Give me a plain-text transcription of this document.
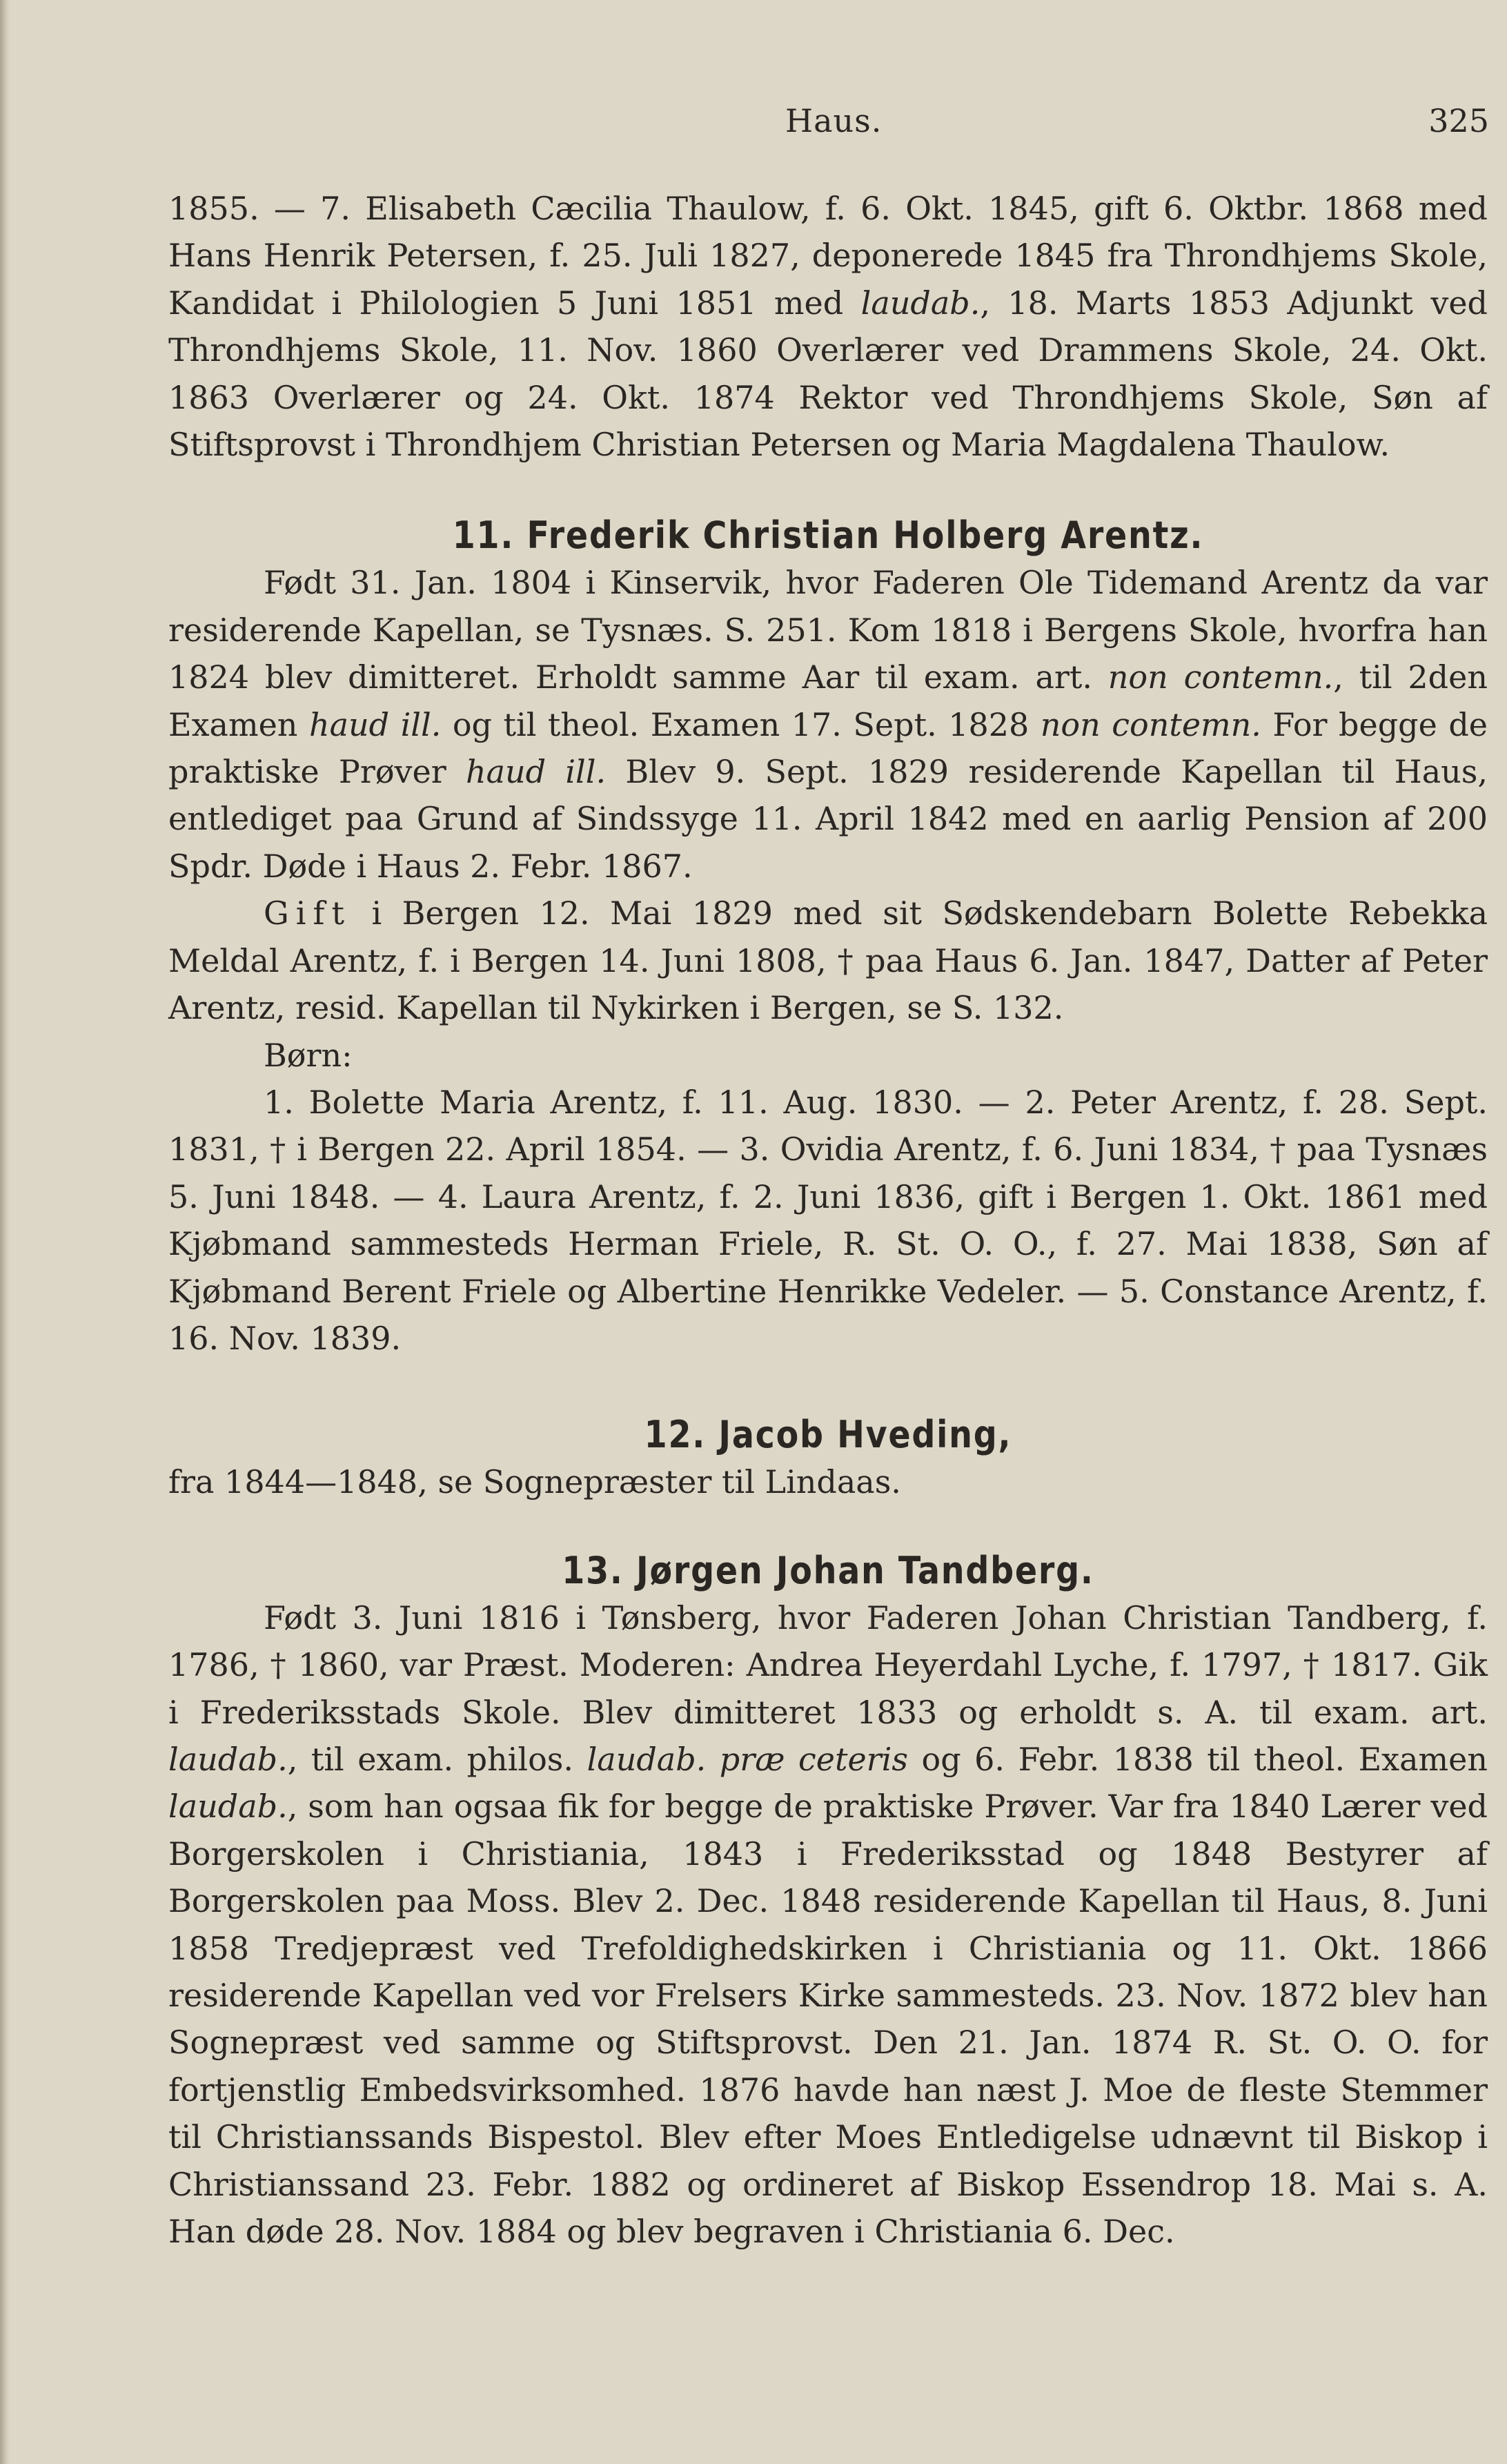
Haus.	325

1855. — 7. Elisabeth Cæcilia Thaulow, f. 6. Okt. 1845, gift 6. Oktbr. 1868 med Hans Henrik Petersen, f. 25. Juli 1827, deponerede 1845 fra Throndhjems Skole, Kandidat i Philologien 5 Juni 1851 med laudab., 18. Marts 1853 Adjunkt ved Throndhjems Skole, 11. Nov. 1860 Overlærer ved Drammens Skole, 24. Okt. 1863 Overlærer og 24. Okt. 1874 Rektor ved Throndhjems Skole, Søn af Stiftsprovst i Throndhjem Christian Petersen og Maria Magdalena Thaulow.

11. Frederik Christian Holberg Arentz.

Født 31. Jan. 1804 i Kinservik, hvor Faderen Ole Tidemand Arentz da var residerende Kapellan, se Tysnæs. S. 251. Kom 1818 i Bergens Skole, hvorfra han 1824 blev dimitteret. Erholdt samme Aar til exam. art. non contemn., til 2den Examen haud ill. og til theol. Examen 17. Sept. 1828 non contemn. For begge de praktiske Prøver haud ill. Blev 9. Sept. 1829 residerende Kapellan til Haus, entlediget paa Grund af Sindssyge 11. April 1842 med en aarlig Pension af 200 Spdr. Døde i Haus 2. Febr. 1867.

Gift i Bergen 12. Mai 1829 med sit Sødskendebarn Bolette Rebekka Meldal Arentz, f. i Bergen 14. Juni 1808, † paa Haus 6. Jan. 1847, Datter af Peter Arentz, resid. Kapellan til Nykirken i Bergen, se S. 132.

Børn:

1. Bolette Maria Arentz, f. 11. Aug. 1830. — 2. Peter Arentz, f. 28. Sept. 1831, † i Bergen 22. April 1854. — 3. Ovidia Arentz, f. 6. Juni 1834, † paa Tysnæs 5. Juni 1848. — 4. Laura Arentz, f. 2. Juni 1836, gift i Bergen 1. Okt. 1861 med Kjøbmand sammesteds Herman Friele, R. St. O. O., f. 27. Mai 1838, Søn af Kjøbmand Berent Friele og Albertine Henrikke Vedeler. — 5. Constance Arentz, f. 16. Nov. 1839.

12. Jacob Hveding,

fra 1844—1848, se Sognepræster til Lindaas.

13. Jørgen Johan Tandberg.

Født 3. Juni 1816 i Tønsberg, hvor Faderen Johan Christian Tandberg, f. 1786, † 1860, var Præst. Moderen: Andrea Heyerdahl Lyche, f. 1797, † 1817. Gik i Frederiksstads Skole. Blev dimitteret 1833 og erholdt s. A. til exam. art. laudab., til exam. philos. laudab. præ ceteris og 6. Febr. 1838 til theol. Examen laudab., som han ogsaa fik for begge de praktiske Prøver. Var fra 1840 Lærer ved Borgerskolen i Christiania, 1843 i Frederiksstad og 1848 Bestyrer af Borgerskolen paa Moss. Blev 2. Dec. 1848 residerende Kapellan til Haus, 8. Juni 1858 Tredjepræst ved Trefoldighedskirken i Christiania og 11. Okt. 1866 residerende Kapellan ved vor Frelsers Kirke sammesteds. 23. Nov. 1872 blev han Sognepræst ved samme og Stiftsprovst. Den 21. Jan. 1874 R. St. O. O. for fortjenstlig Embedsvirksomhed. 1876 havde han næst J. Moe de fleste Stemmer til Christianssands Bispestol. Blev efter Moes Entledigelse udnævnt til Biskop i Christianssand 23. Febr. 1882 og ordineret af Biskop Essendrop 18. Mai s. A. Han døde 28. Nov. 1884 og blev begraven i Christiania 6. Dec.
